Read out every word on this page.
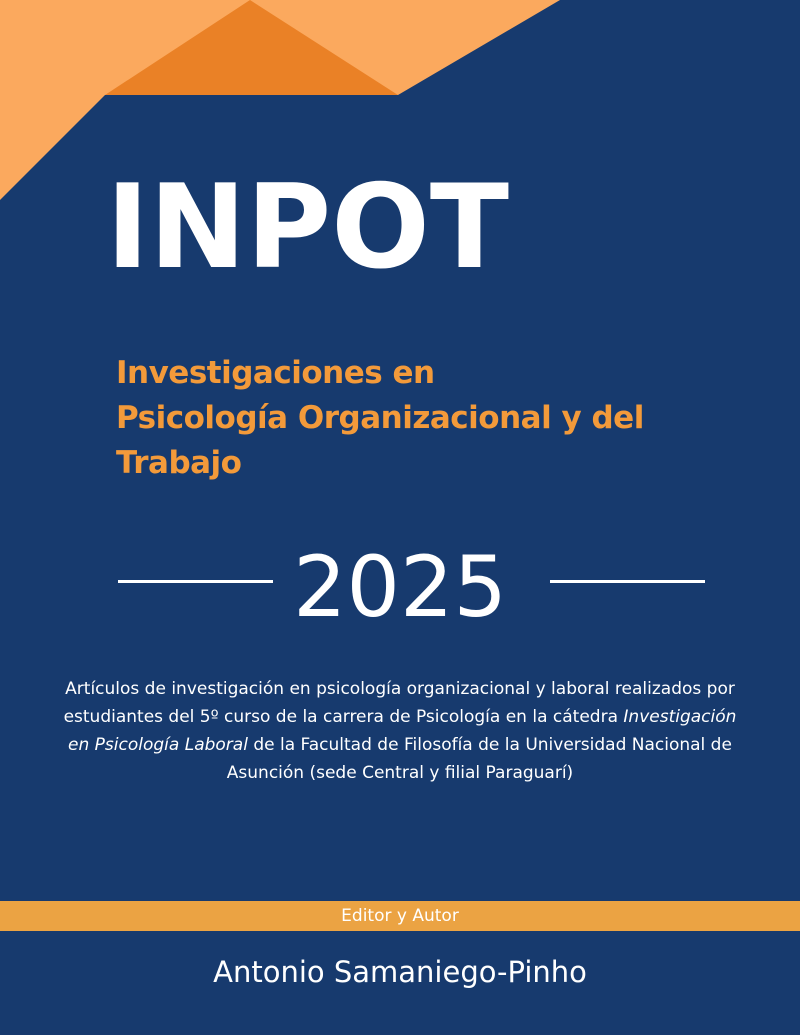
INPOT
Investigaciones en
Psicología Organizacional y del
Trabajo

2025

Artículos de investigación en psicología organizacional y laboral realizados por estudiantes del 5º curso de la carrera de Psicología en la cátedra Investigación en Psicología Laboral de la Facultad de Filosofía de la Universidad Nacional de Asunción (sede Central y filial Paraguarí)

Editor y Autor

Antonio Samaniego-Pinho
